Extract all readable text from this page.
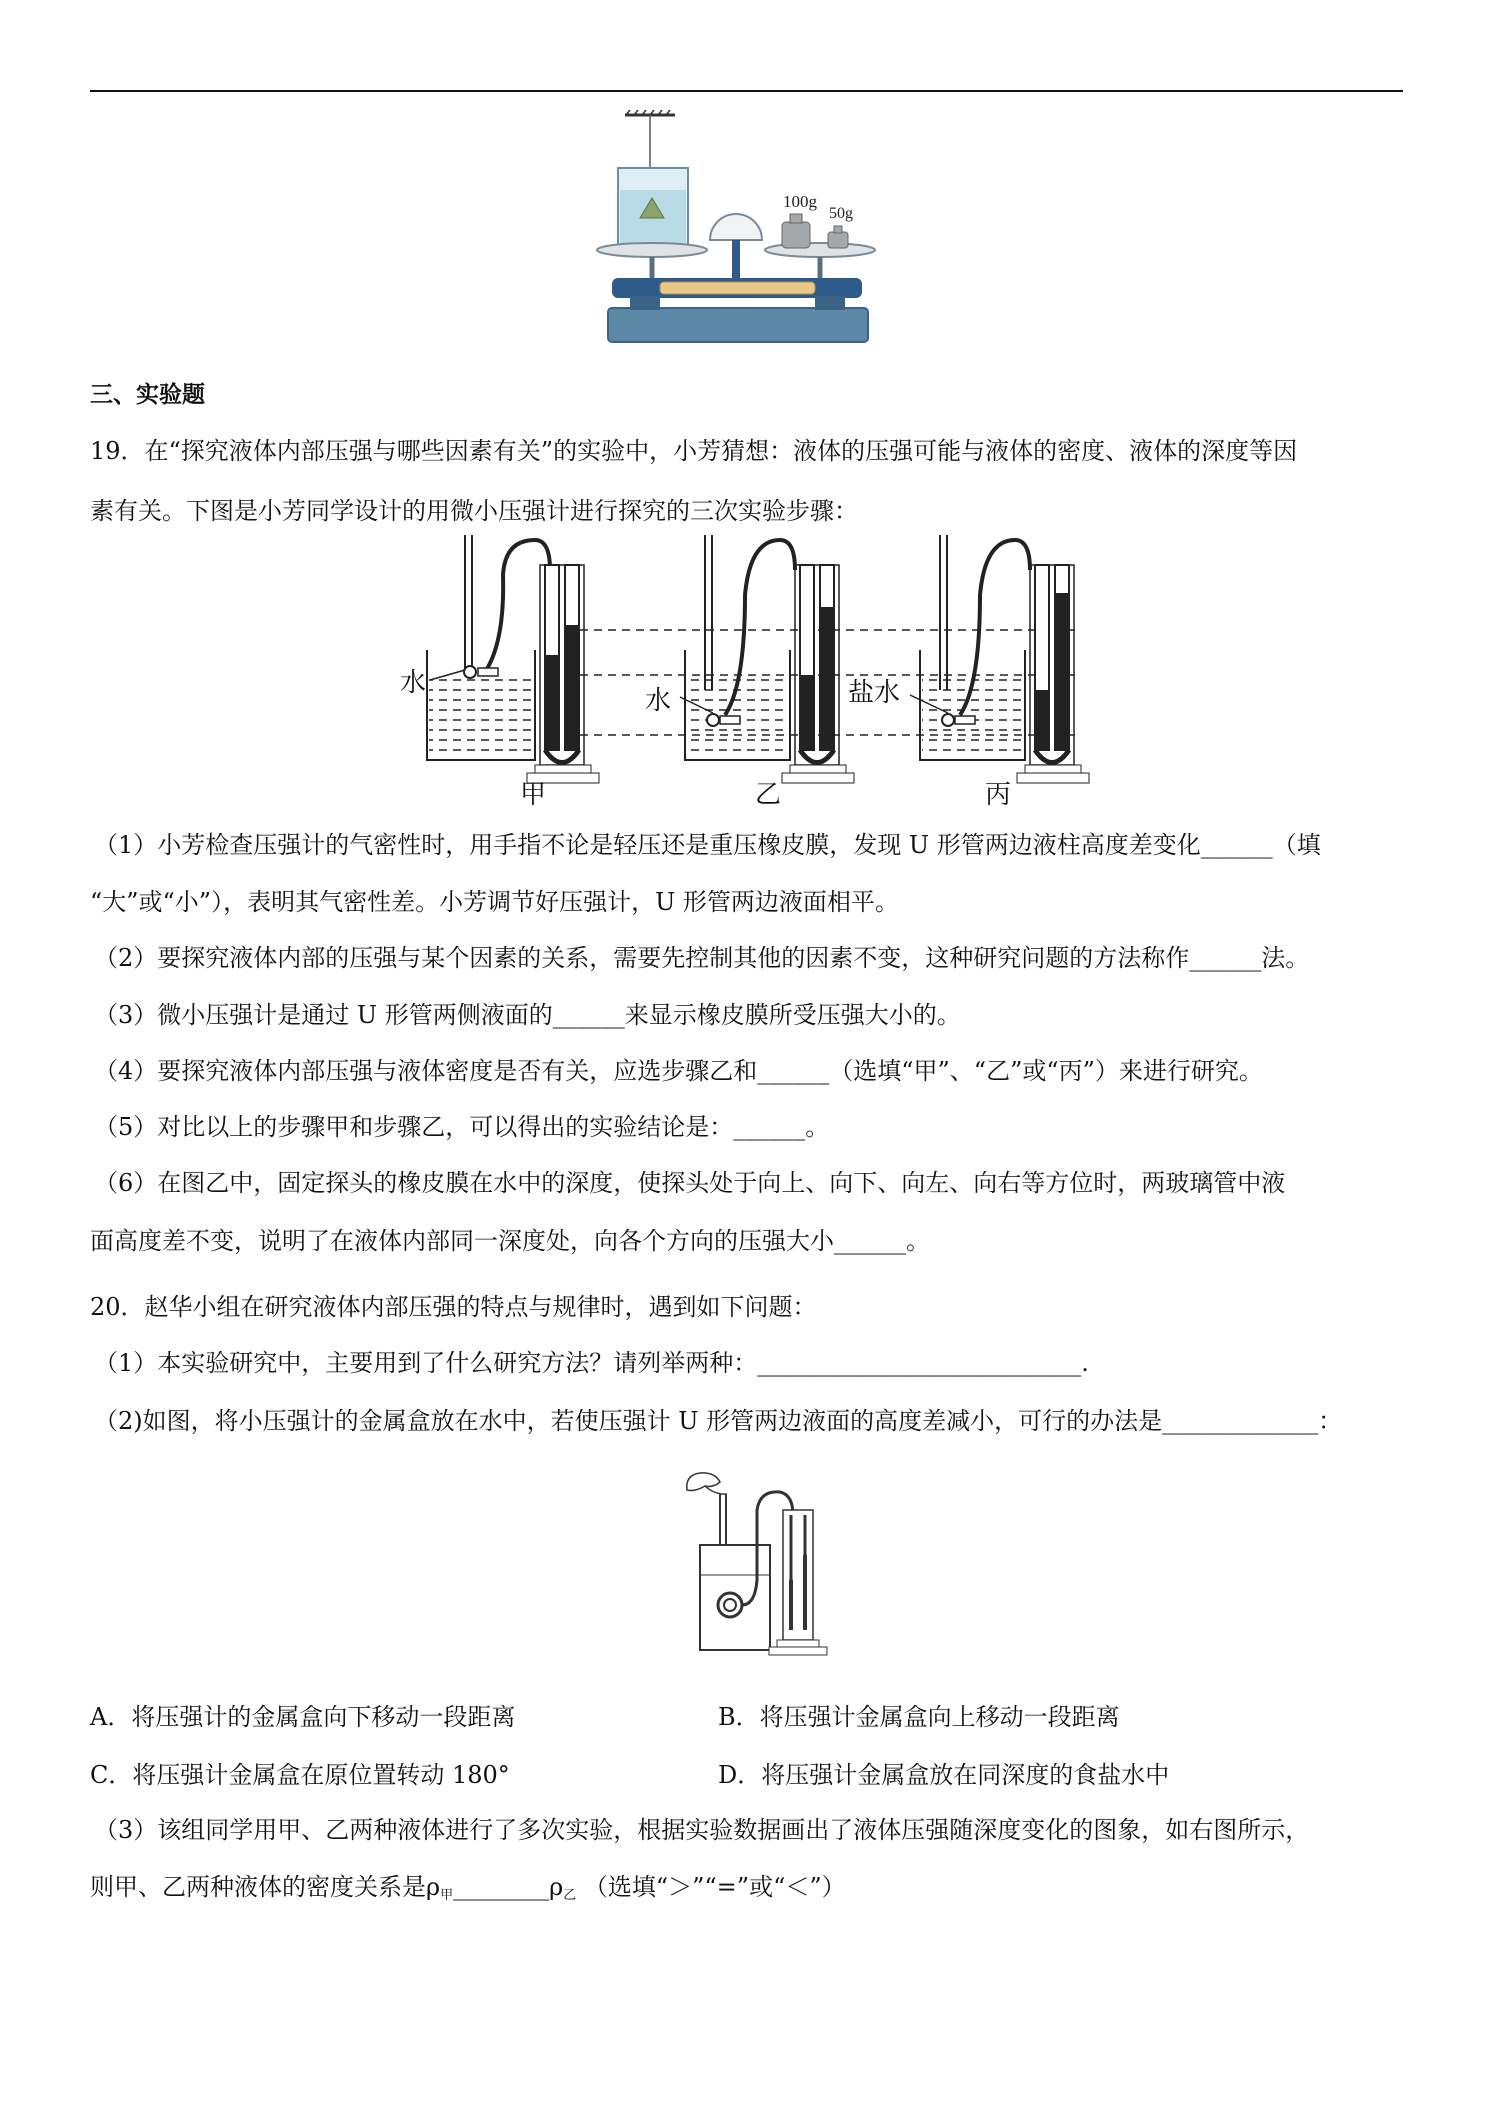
100g
50g
三、实验题
19．在“探究液体内部压强与哪些因素有关”的实验中，小芳猜想：液体的压强可能与液体的密度、液体的深度等因
素有关。下图是小芳同学设计的用微小压强计进行探究的三次实验步骤：
水
水	盐水
甲	乙	丙
（1）小芳检查压强计的气密性时，用手指不论是轻压还是重压橡皮膜，发现 U 形管两边液柱高度差变化______（填
“大”或“小”），表明其气密性差。小芳调节好压强计，U 形管两边液面相平。
（2）要探究液体内部的压强与某个因素的关系，需要先控制其他的因素不变，这种研究问题的方法称作______法。
（3）微小压强计是通过 U 形管两侧液面的______来显示橡皮膜所受压强大小的。
（4）要探究液体内部压强与液体密度是否有关，应选步骤乙和______（选填“甲”、“乙”或“丙”）来进行研究。
（5）对比以上的步骤甲和步骤乙，可以得出的实验结论是：______。
（6）在图乙中，固定探头的橡皮膜在水中的深度，使探头处于向上、向下、向左、向右等方位时，两玻璃管中液
面高度差不变，说明了在液体内部同一深度处，向各个方向的压强大小______。
20．赵华小组在研究液体内部压强的特点与规律时，遇到如下问题：
（1）本实验研究中，主要用到了什么研究方法？请列举两种：___________________________.
（2)如图，将小压强计的金属盒放在水中，若使压强计 U 形管两边液面的高度差减小，可行的办法是_____________：
A．将压强计的金属盒向下移动一段距离	B．将压强计金属盒向上移动一段距离
C．将压强计金属盒在原位置转动 180°	D．将压强计金属盒放在同深度的食盐水中
（3）该组同学用甲、乙两种液体进行了多次实验，根据实验数据画出了液体压强随深度变化的图象，如右图所示，
则甲、乙两种液体的密度关系是$\rho_甲\_\_\_\_\_\_\_\_\rho_乙$ （选填“＞”“=”或“＜”）
